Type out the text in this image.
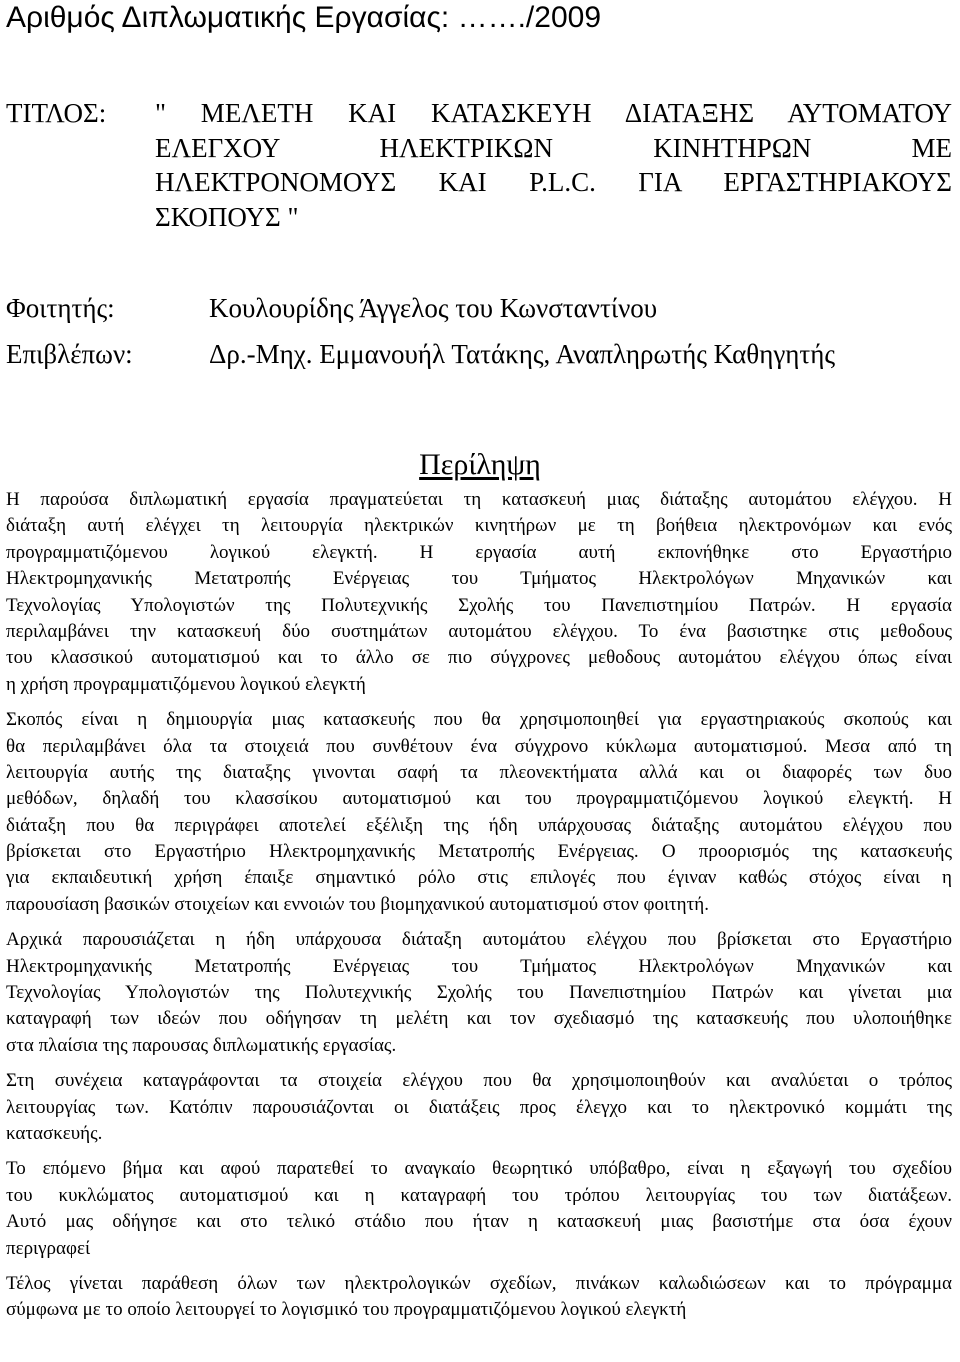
Αριθμός Διπλωματικής Εργασίας: ……./2009
ΤΙΤΛΟΣ: " ΜΕΛΕΤΗ ΚΑΙ ΚΑΤΑΣΚΕΥΗ ΔΙΑΤΑΞΗΣ ΑΥΤΟΜΑΤΟΥ
ΕΛΕΓΧΟΥ ΗΛΕΚΤΡΙΚΩΝ ΚΙΝΗΤΗΡΩΝ ΜΕ
ΗΛΕΚΤΡΟΝΟΜΟΥΣ ΚΑΙ P.L.C. ΓΙΑ ΕΡΓΑΣΤΗΡΙΑΚΟΥΣ
ΣΚΟΠΟΥΣ "
Φοιτητής:	Κουλουρίδης Άγγελος του Κωνσταντίνου
Επιβλέπων:	Δρ.-Μηχ. Εμμανουήλ Τατάκης, Αναπληρωτής Καθηγητής
Περίληψη
Η παρούσα διπλωματική εργασία πραγματεύεται τη κατασκευή μιας διάταξης αυτομάτου ελέγχου. Η
διάταξη αυτή ελέγχει τη λειτουργία ηλεκτρικών κινητήρων με τη βοήθεια ηλεκτρονόμων και ενός
προγραμματιζόμενου λογικού ελεγκτή. Η εργασία αυτή εκπονήθηκε στο Εργαστήριο
Ηλεκτρομηχανικής Μετατροπής Ενέργειας του Τμήματος Ηλεκτρολόγων Μηχανικών και
Τεχνολογίας Υπολογιστών της Πολυτεχνικής Σχολής του Πανεπιστημίου Πατρών. Η εργασία
περιλαμβάνει την κατασκευή δύο συστημάτων αυτομάτου ελέγχου. Το ένα βασιστηκε στις μεθοδους
του κλασσικού αυτοματισμού και το άλλο σε πιο σύγχρονες μεθοδους αυτομάτου ελέγχου όπως είναι
η χρήση προγραμματιζόμενου λογικού ελεγκτή
Σκοπός είναι η δημιουργία μιας κατασκευής που θα χρησιμοποιηθεί για εργαστηριακούς σκοπούς και
θα περιλαμβάνει όλα τα στοιχειά που συνθέτουν ένα σύγχρονο κύκλωμα αυτοματισμού. Μεσα από τη
λειτουργία αυτής της διαταξης γινονται σαφή τα πλεονεκτήματα αλλά και οι διαφορές των δυο
μεθόδων, δηλαδή του κλασσίκου αυτοματισμού και του προγραμματιζόμενου λογικού ελεγκτή. Η
διάταξη που θα περιγράφει αποτελεί εξέλιξη της ήδη υπάρχουσας διάταξης αυτομάτου ελέγχου που
βρίσκεται στο Εργαστήριο Ηλεκτρομηχανικής Μετατροπής Ενέργειας. Ο προορισμός της κατασκευής
για εκπαιδευτική χρήση έπαιξε σημαντικό ρόλο στις επιλογές που έγιναν καθώς στόχος είναι η
παρουσίαση βασικών στοιχείων και εννοιών του βιομηχανικού αυτοματισμού στον φοιτητή.
Αρχικά παρουσιάζεται η ήδη υπάρχουσα διάταξη αυτομάτου ελέγχου που βρίσκεται στο Εργαστήριο
Ηλεκτρομηχανικής Μετατροπής Ενέργειας του Τμήματος Ηλεκτρολόγων Μηχανικών και
Τεχνολογίας Υπολογιστών της Πολυτεχνικής Σχολής του Πανεπιστημίου Πατρών και γίνεται μια
καταγραφή των ιδεών που οδήγησαν τη μελέτη και τον σχεδιασμό της κατασκευής που υλοποιήθηκε
στα πλαίσια της παρουσας διπλωματικής εργασίας.
Στη συνέχεια καταγράφονται τα στοιχεία ελέγχου που θα χρησιμοποιηθούν και αναλύεται ο τρόπος
λειτουργίας των. Κατόπιν παρουσιάζονται οι διατάξεις προς έλεγχο και το ηλεκτρονικό κομμάτι της
κατασκευής.
Το επόμενο βήμα και αφού παρατεθεί το αναγκαίο θεωρητικό υπόβαθρο, είναι η εξαγωγή του σχεδίου
του κυκλώματος αυτοματισμού και η καταγραφή του τρόπου λειτουργίας του των διατάξεων.
Αυτό μας οδήγησε και στο τελικό στάδιο που ήταν η κατασκευή μιας βασιστήμε στα όσα έχουν
περιγραφεί
Τέλος γίνεται παράθεση όλων των ηλεκτρολογικών σχεδίων, πινάκων καλωδιώσεων και το πρόγραμμα
σύμφωνα με το οποίο λειτουργεί το λογισμικό του προγραμματιζόμενου λογικού ελεγκτή
